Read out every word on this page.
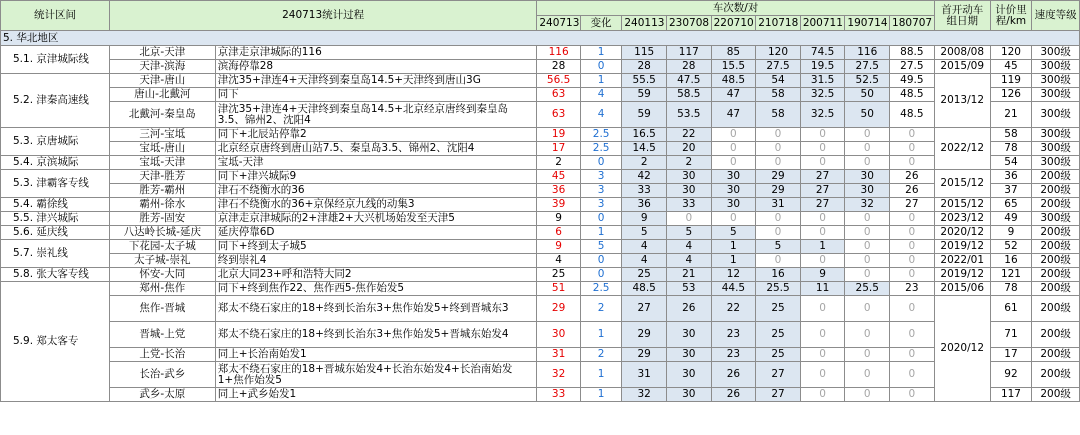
统计区间	240713统计过程		车次数/对									首开动车组日期	计价里程/km	速度等级
			240713	变化	240113	230708	220710	210718	200711	190714	180707			
5. 华北地区														
5.1. 京津城际线	北京-天津	京津走京津城际的116	116	1	115	117	85	120	74.5	116	88.5	2008/08	120	300级
	天津-滨海	滨海停靠28	28	0	28	28	15.5	27.5	19.5	27.5	27.5	2015/09	45	300级
5.2. 津秦高速线	天津-唐山	津沈35+津连4+天津终到秦皇岛14.5+天津终到唐山3G	56.5	1	55.5	47.5	48.5	54	31.5	52.5	49.5	2013/12	119	300级
	唐山-北戴河	同下	63	4	59	58.5	47	58	32.5	50	48.5		126	300级
	北戴河-秦皇岛	津沈35+津连4+天津终到秦皇岛14.5+北京经京唐终到秦皇岛3.5、锦州2、沈阳4	63	4	59	53.5	47	58	32.5	50	48.5		21	300级
5.3. 京唐城际	三河-宝坻	同下+北辰站停靠2	19	2.5	16.5	22	0	0	0	0	0	2022/12	58	300级
	宝坻-唐山	北京经京唐终到唐山站7.5、秦皇岛3.5、锦州2、沈阳4	17	2.5	14.5	20	0	0	0	0	0		78	300级
5.4. 京滨城际	宝坻-天津	宝坻-天津	2	0	2	2	0	0	0	0	0		54	300级
5.3. 津霸客专线	天津-胜芳	同下+津兴城际9	45	3	42	30	30	29	27	30	26	2015/12	36	200级
	胜芳-霸州	津石不绕衡水的36	36	3	33	30	30	29	27	30	26		37	200级
5.4. 霸徐线	霸州-徐水	津石不绕衡水的36+京保经京九线的动集3	39	3	36	33	30	31	27	32	27	2015/12	65	200级
5.5. 津兴城际	胜芳-固安	京津走京津城际的2+津雄2+大兴机场始发至天津5	9	0	9	0	0	0	0	0	0	2023/12	49	300级
5.6. 延庆线	八达岭长城-延庆	延庆停靠6D	6	1	5	5	5	0	0	0	0	2020/12	9	200级
5.7. 崇礼线	下花园-太子城	同下+终到太子城5	9	5	4	4	1	5	1	0	0	2019/12	52	200级
	太子城-崇礼	终到崇礼4	4	0	4	4	1	0	0	0	0	2022/01	16	200级
5.8. 张大客专线	怀安-大同	北京大同23+呼和浩特大同2	25	0	25	21	12	16	9	0	0	2019/12	121	200级
5.9. 郑太客专	郑州-焦作	同下+终到焦作22、焦作西5-焦作始发5	51	2.5	48.5	53	44.5	25.5	11	25.5	23	2015/06	78	200级
	焦作-晋城	郑太不绕石家庄的18+终到长治东3+焦作始发5+终到晋城东3	29	2	27	26	22	25	0	0	0	2020/12	61	200级
	晋城-上党	郑太不绕石家庄的18+终到长治东3+焦作始发5+晋城东始发4	30	1	29	30	23	25	0	0	0		71	200级
	上党-长治	同上+长治南始发1	31	2	29	30	23	25	0	0	0		17	200级
	长治-武乡	郑太不绕石家庄的18+晋城东始发4+长治东始发4+长治南始发1+焦作始发5	32	1	31	30	26	27	0	0	0		92	200级
	武乡-太原	同上+武乡始发1	33	1	32	30	26	27	0	0	0		117	200级
